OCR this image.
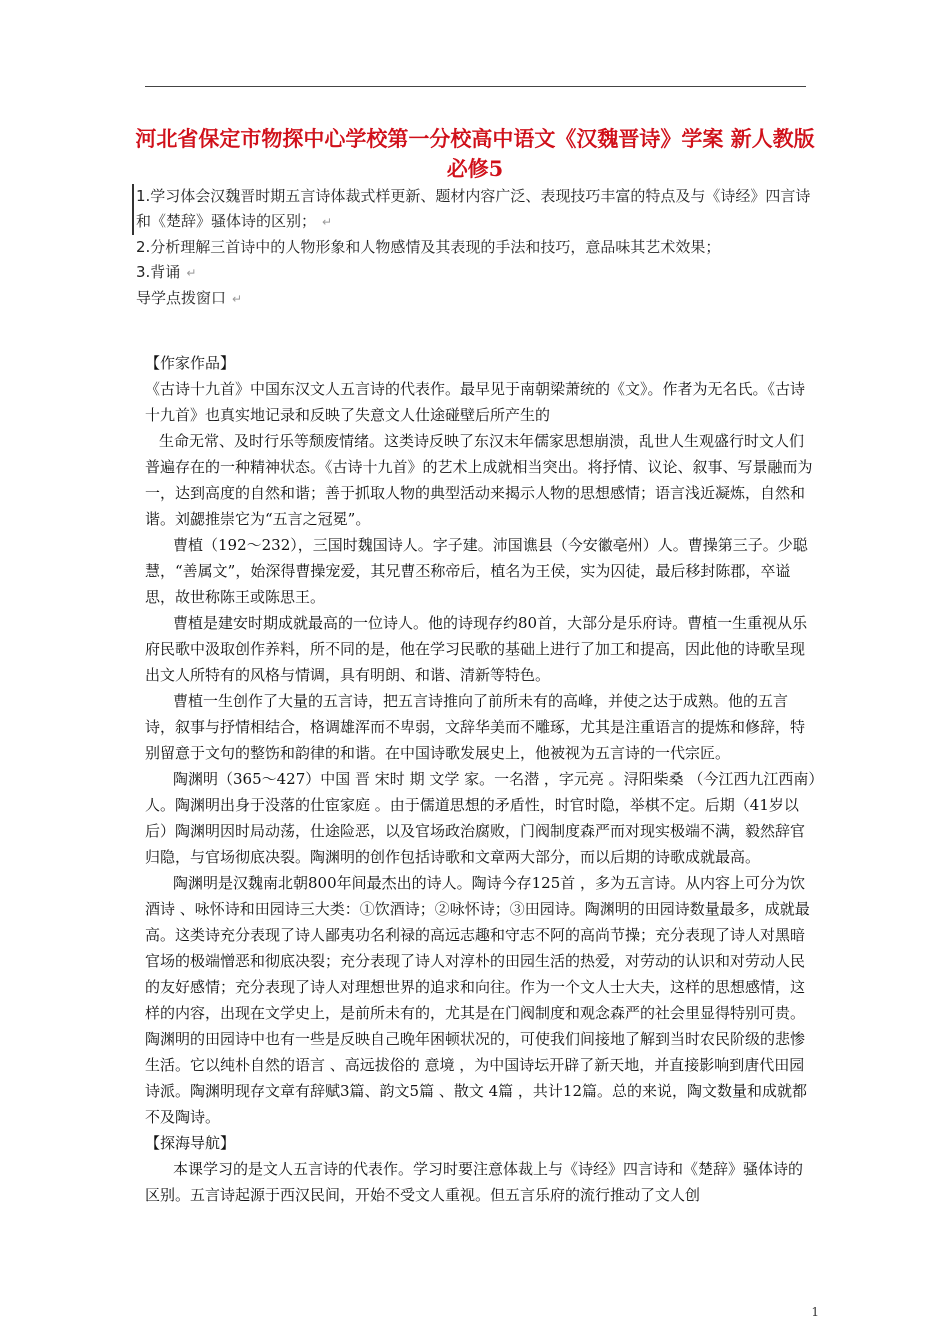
河北省保定市物探中心学校第一分校高中语文《汉魏晋诗》学案 新人教版必修5

1.学习体会汉魏晋时期五言诗体裁式样更新、题材内容广泛、表现技巧丰富的特点及与《诗经》四言诗和《楚辞》骚体诗的区别； ↵

2.分析理解三首诗中的人物形象和人物感情及其表现的手法和技巧，意品味其艺术效果；

3.背诵 ↵

导学点拨窗口 ↵

【作家作品】

《古诗十九首》中国东汉文人五言诗的代表作。最早见于南朝梁萧统的《文》。作者为无名氏。《古诗十九首》也真实地记录和反映了失意文人仕途碰壁后所产生的

生命无常、及时行乐等颓废情绪。这类诗反映了东汉末年儒家思想崩溃，乱世人生观盛行时文人们普遍存在的一种精神状态。《古诗十九首》的艺术上成就相当突出。将抒情、议论、叙事、写景融而为一，达到高度的自然和谐；善于抓取人物的典型活动来揭示人物的思想感情；语言浅近凝炼，自然和谐。刘勰推崇它为“五言之冠冕”。

曹植（192～232），三国时魏国诗人。字子建。沛国谯县（今安徽亳州）人。曹操第三子。少聪慧，“善属文”，始深得曹操宠爱，其兄曹丕称帝后，植名为王侯，实为囚徒，最后移封陈郡，卒谥思，故世称陈王或陈思王。

曹植是建安时期成就最高的一位诗人。他的诗现存约80首，大部分是乐府诗。曹植一生重视从乐府民歌中汲取创作养料，所不同的是，他在学习民歌的基础上进行了加工和提高，因此他的诗歌呈现出文人所特有的风格与情调，具有明朗、和谐、清新等特色。

曹植一生创作了大量的五言诗，把五言诗推向了前所未有的高峰，并使之达于成熟。他的五言诗，叙事与抒情相结合，格调雄浑而不卑弱，文辞华美而不雕琢，尤其是注重语言的提炼和修辞，特别留意于文句的整饬和韵律的和谐。在中国诗歌发展史上，他被视为五言诗的一代宗匠。

陶渊明（365～427）中国 晋 宋时 期 文学 家。一名潜 ，字元亮 。浔阳柴桑 （今江西九江西南）人。陶渊明出身于没落的仕宦家庭 。由于儒道思想的矛盾性，时官时隐，举棋不定。后期（41岁以后）陶渊明因时局动荡，仕途险恶，以及官场政治腐败，门阀制度森严而对现实极端不满，毅然辞官归隐，与官场彻底决裂。陶渊明的创作包括诗歌和文章两大部分，而以后期的诗歌成就最高。

陶渊明是汉魏南北朝800年间最杰出的诗人。陶诗今存125首 ，多为五言诗。从内容上可分为饮酒诗 、咏怀诗和田园诗三大类：①饮酒诗；②咏怀诗；③田园诗。陶渊明的田园诗数量最多，成就最高。这类诗充分表现了诗人鄙夷功名利禄的高远志趣和守志不阿的高尚节操；充分表现了诗人对黑暗官场的极端憎恶和彻底决裂；充分表现了诗人对淳朴的田园生活的热爱，对劳动的认识和对劳动人民的友好感情；充分表现了诗人对理想世界的追求和向往。作为一个文人士大夫，这样的思想感情，这样的内容，出现在文学史上，是前所未有的，尤其是在门阀制度和观念森严的社会里显得特别可贵。陶渊明的田园诗中也有一些是反映自己晚年困顿状况的，可使我们间接地了解到当时农民阶级的悲惨生活。它以纯朴自然的语言 、高远拔俗的 意境 ，为中国诗坛开辟了新天地，并直接影响到唐代田园诗派。陶渊明现存文章有辞赋3篇、韵文5篇 、散文 4篇 ，共计12篇。总的来说，陶文数量和成就都不及陶诗。

【探海导航】

本课学习的是文人五言诗的代表作。学习时要注意体裁上与《诗经》四言诗和《楚辞》骚体诗的区别。五言诗起源于西汉民间，开始不受文人重视。但五言乐府的流行推动了文人创

1
